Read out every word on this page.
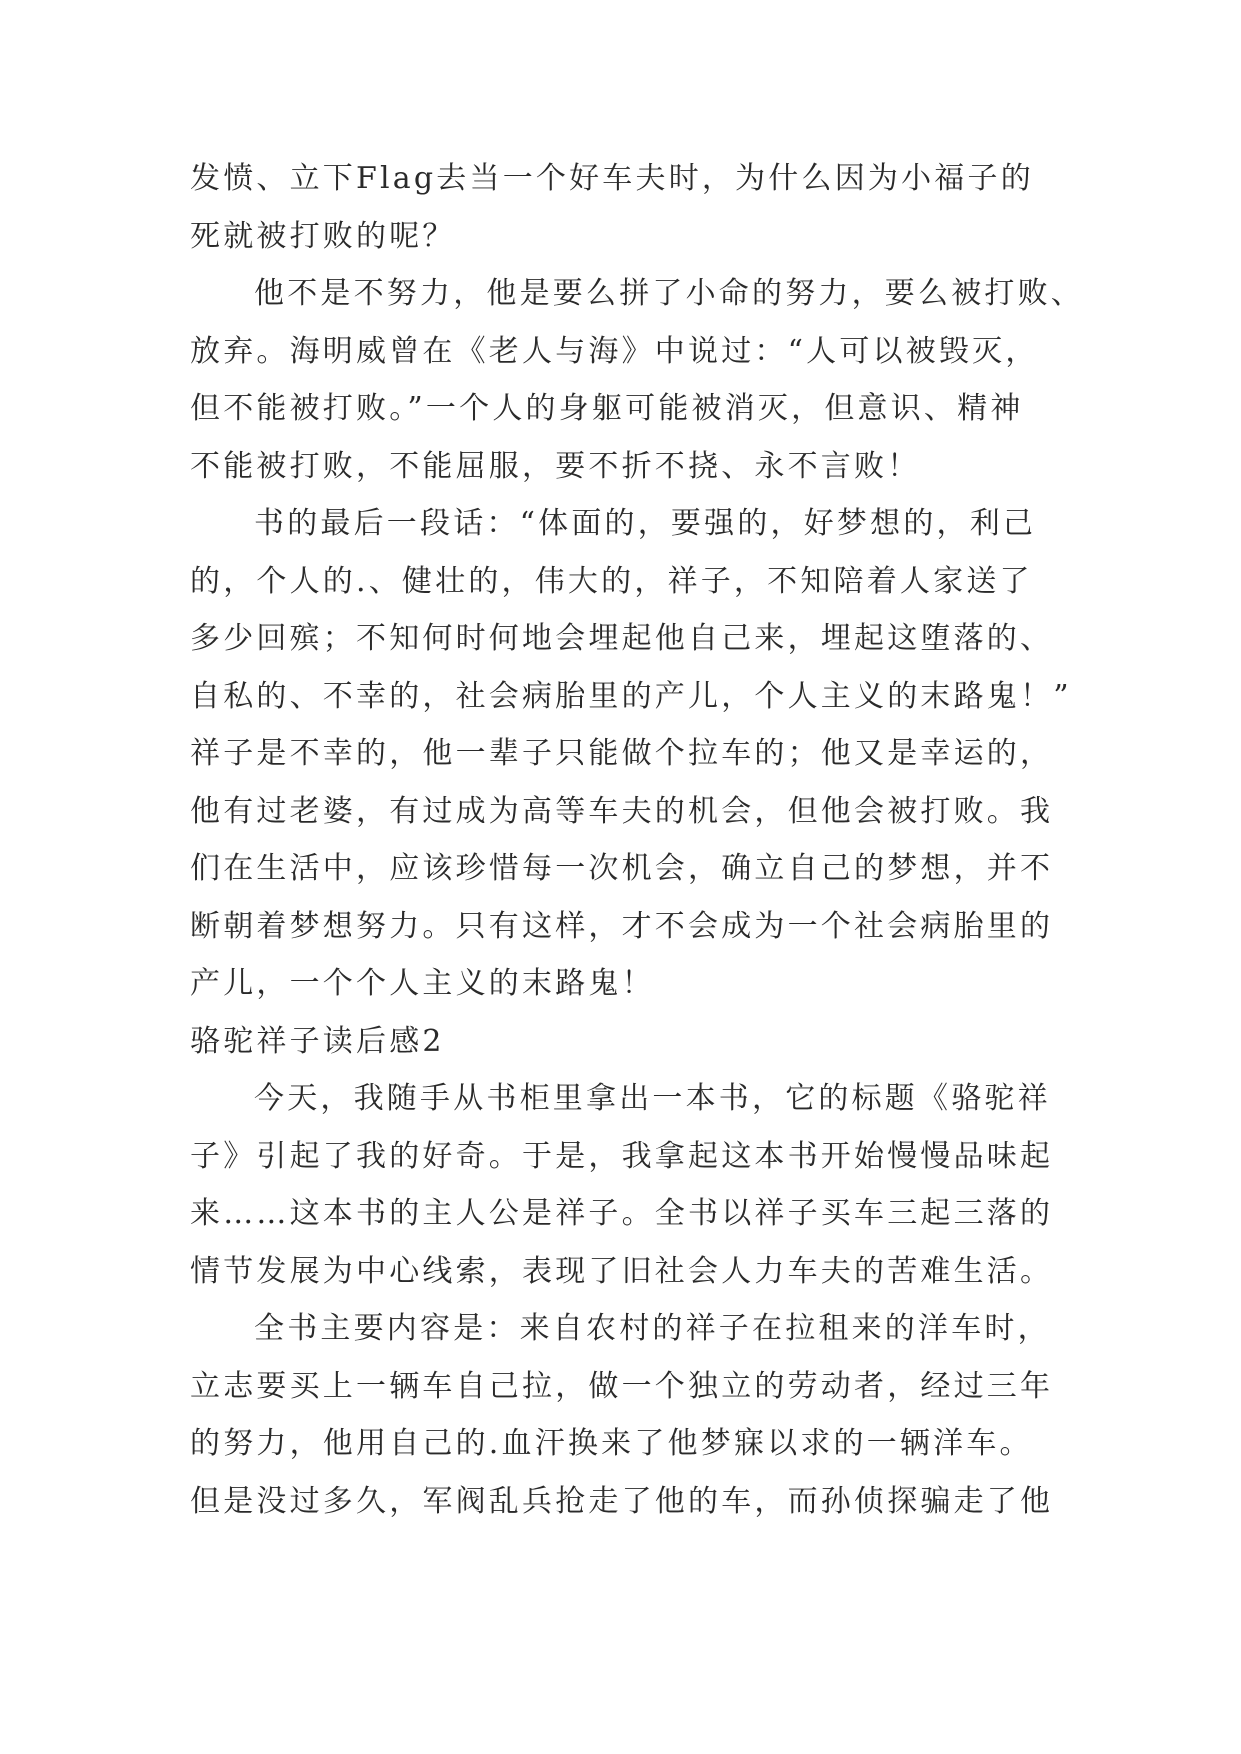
发愤、立下Flag去当一个好车夫时，为什么因为小福子的
死就被打败的呢？
他不是不努力，他是要么拼了小命的努力，要么被打败、
放弃。海明威曾在《老人与海》中说过：“人可以被毁灭，
但不能被打败。”一个人的身躯可能被消灭，但意识、精神
不能被打败，不能屈服，要不折不挠、永不言败！
书的最后一段话：“体面的，要强的，好梦想的，利己
的，个人的.、健壮的，伟大的，祥子，不知陪着人家送了
多少回殡；不知何时何地会埋起他自己来，埋起这堕落的、
自私的、不幸的，社会病胎里的产儿，个人主义的末路鬼！”
祥子是不幸的，他一辈子只能做个拉车的；他又是幸运的，
他有过老婆，有过成为高等车夫的机会，但他会被打败。我
们在生活中，应该珍惜每一次机会，确立自己的梦想，并不
断朝着梦想努力。只有这样，才不会成为一个社会病胎里的
产儿，一个个人主义的末路鬼！
骆驼祥子读后感2
今天，我随手从书柜里拿出一本书，它的标题《骆驼祥
子》引起了我的好奇。于是，我拿起这本书开始慢慢品味起
来……这本书的主人公是祥子。全书以祥子买车三起三落的
情节发展为中心线索，表现了旧社会人力车夫的苦难生活。
全书主要内容是：来自农村的祥子在拉租来的洋车时，
立志要买上一辆车自己拉，做一个独立的劳动者，经过三年
的努力，他用自己的.血汗换来了他梦寐以求的一辆洋车。
但是没过多久，军阀乱兵抢走了他的车，而孙侦探骗走了他
